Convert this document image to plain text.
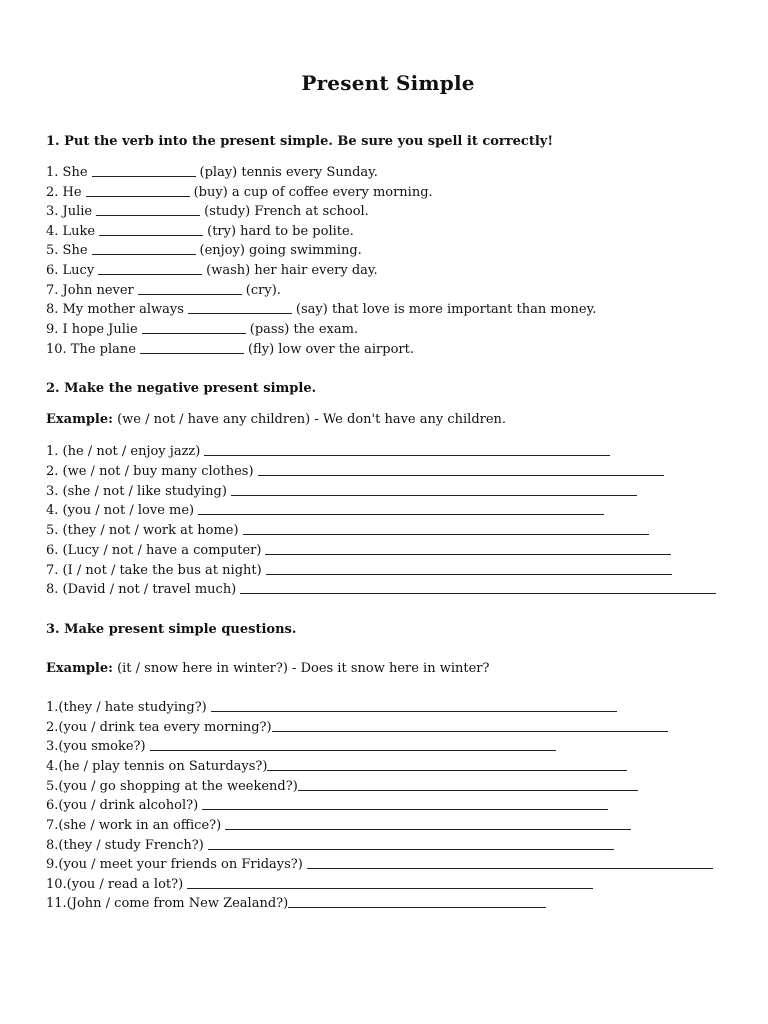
Present Simple
1. Put the verb into the present simple. Be sure you spell it correctly!
1. She	(play) tennis every Sunday.
2. He	(buy) a cup of coffee every morning.
3. Julie	(study) French at school.
4. Luke	(try) hard to be polite.
5. She	(enjoy) going swimming.
6. Lucy	(wash) her hair every day.
7. John never	(cry).
8. My mother always	(say) that love is more important than money.
9. I hope Julie	(pass) the exam.
10. The plane	(fly) low over the airport.
2. Make the negative present simple.
Example: (we / not / have any children) - We don't have any children.
1. (he / not / enjoy jazz)
2. (we / not / buy many clothes)
3. (she / not / like studying)
4. (you / not / love me)
5. (they / not / work at home)
6. (Lucy / not / have a computer)
7. (I / not / take the bus at night)
8. (David / not / travel much)
3. Make present simple questions.
Example: (it / snow here in winter?) - Does it snow here in winter?
1.(they / hate studying?)
2.(you / drink tea every morning?)
3.(you smoke?)
4.(he / play tennis on Saturdays?)
5.(you / go shopping at the weekend?)
6.(you / drink alcohol?)
7.(she / work in an office?)
8.(they / study French?)
9.(you / meet your friends on Fridays?)
10.(you / read a lot?)
11.(John / come from New Zealand?)
